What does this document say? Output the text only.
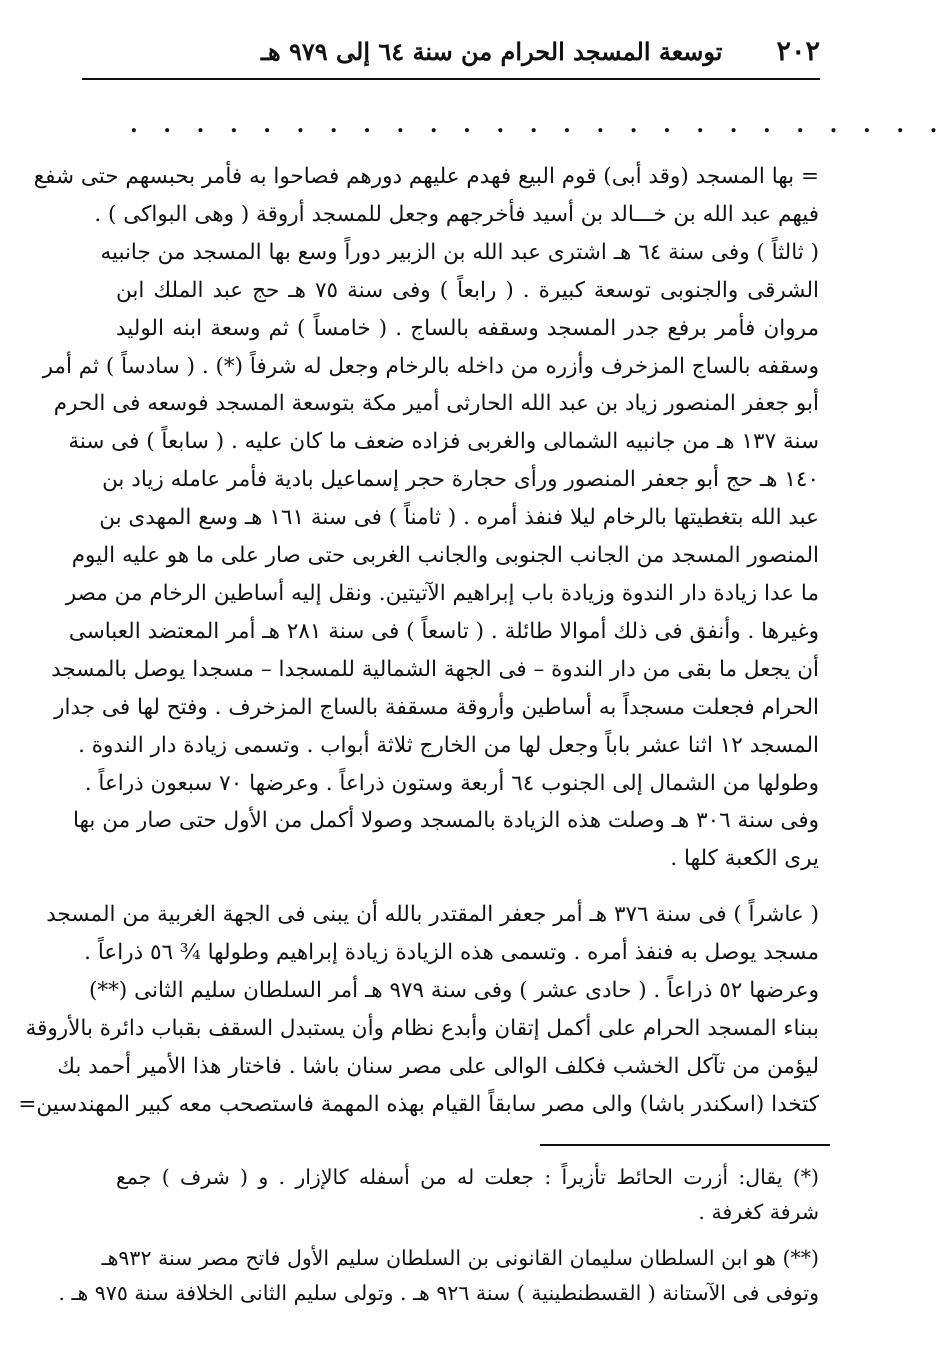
٢٠٢
توسعة المسجد الحرام من سنة ٦٤ إلى ٩٧٩ هـ
. . . . . . . . . . . . . . . . . . . . . . . . .
= بها المسجد (وقد أبى) قوم البيع فهدم عليهم دورهم فصاحوا به فأمر بحبسهم حتى شفع
فيهم عبد الله بن خـــالد بن أسيد فأخرجهم وجعل للمسجد أروقة ( وهى البواكى ) .
( ثالثاً ) وفى سنة ٦٤ هـ اشترى عبد الله بن الزبير دوراً وسع بها المسجد من جانبيه
الشرقى والجنوبى توسعة كبيرة . ( رابعاً ) وفى سنة ٧٥ هـ حج عبد الملك ابن
مروان فأمر برفع جدر المسجد وسقفه بالساج . ( خامساً ) ثم وسعة ابنه الوليد
وسقفه بالساج المزخرف وأزره من داخله بالرخام وجعل له شرفاً (*) . ( سادساً ) ثم أمر
أبو جعفر المنصور زياد بن عبد الله الحارثى أمير مكة بتوسعة المسجد فوسعه فى الحرم
سنة ١٣٧ هـ من جانبيه الشمالى والغربى فزاده ضعف ما كان عليه . ( سابعاً ) فى سنة
١٤٠ هـ حج أبو جعفر المنصور ورأى حجارة حجر إسماعيل بادية فأمر عامله زياد بن
عبد الله بتغطيتها بالرخام ليلا فنفذ أمره . ( ثامناً ) فى سنة ١٦١ هـ وسع المهدى بن
المنصور المسجد من الجانب الجنوبى والجانب الغربى حتى صار على ما هو عليه اليوم
ما عدا زيادة دار الندوة وزيادة باب إبراهيم الآتيتين. ونقل إليه أساطين الرخام من مصر
وغيرها . وأنفق فى ذلك أموالا طائلة . ( تاسعاً ) فى سنة ٢٨١ هـ أمر المعتضد العباسى
أن يجعل ما بقى من دار الندوة – فى الجهة الشمالية للمسجدا – مسجدا يوصل بالمسجد
الحرام فجعلت مسجداً به أساطين وأروقة مسقفة بالساج المزخرف . وفتح لها فى جدار
المسجد ١٢ اثنا عشر باباً وجعل لها من الخارج ثلاثة أبواب . وتسمى زيادة دار الندوة .
وطولها من الشمال إلى الجنوب ٦٤ أربعة وستون ذراعاً . وعرضها ٧٠ سبعون ذراعاً .
وفى سنة ٣٠٦ هـ وصلت هذه الزيادة بالمسجد وصولا أكمل من الأول حتى صار من بها
يرى الكعبة كلها .
( عاشراً ) فى سنة ٣٧٦ هـ أمر جعفر المقتدر بالله أن يبنى فى الجهة الغربية من المسجد
مسجد يوصل به فنفذ أمره . وتسمى هذه الزيادة زيادة إبراهيم وطولها ¾ ٥٦ ذراعاً .
وعرضها ٥٢ ذراعاً . ( حادى عشر ) وفى سنة ٩٧٩ هـ أمر السلطان سليم الثانى (**)
ببناء المسجد الحرام على أكمل إتقان وأبدع نظام وأن يستبدل السقف بقباب دائرة بالأروقة
ليؤمن من تآكل الخشب فكلف الوالى على مصر سنان باشا . فاختار هذا الأمير أحمد بك
كتخدا (اسكندر باشا) والى مصر سابقاً القيام بهذه المهمة فاستصحب معه كبير المهندسين=
(*) يقال: أزرت الحائط تأزيراً : جعلت له من أسفله كالإزار . و ( شرف ) جمع
شرفة كغرفة .
(**) هو ابن السلطان سليمان القانونى بن السلطان سليم الأول فاتح مصر سنة ٩٣٢هـ
وتوفى فى الآستانة ( القسطنطينية ) سنة ٩٢٦ هـ . وتولى سليم الثانى الخلافة سنة ٩٧٥ هـ .
